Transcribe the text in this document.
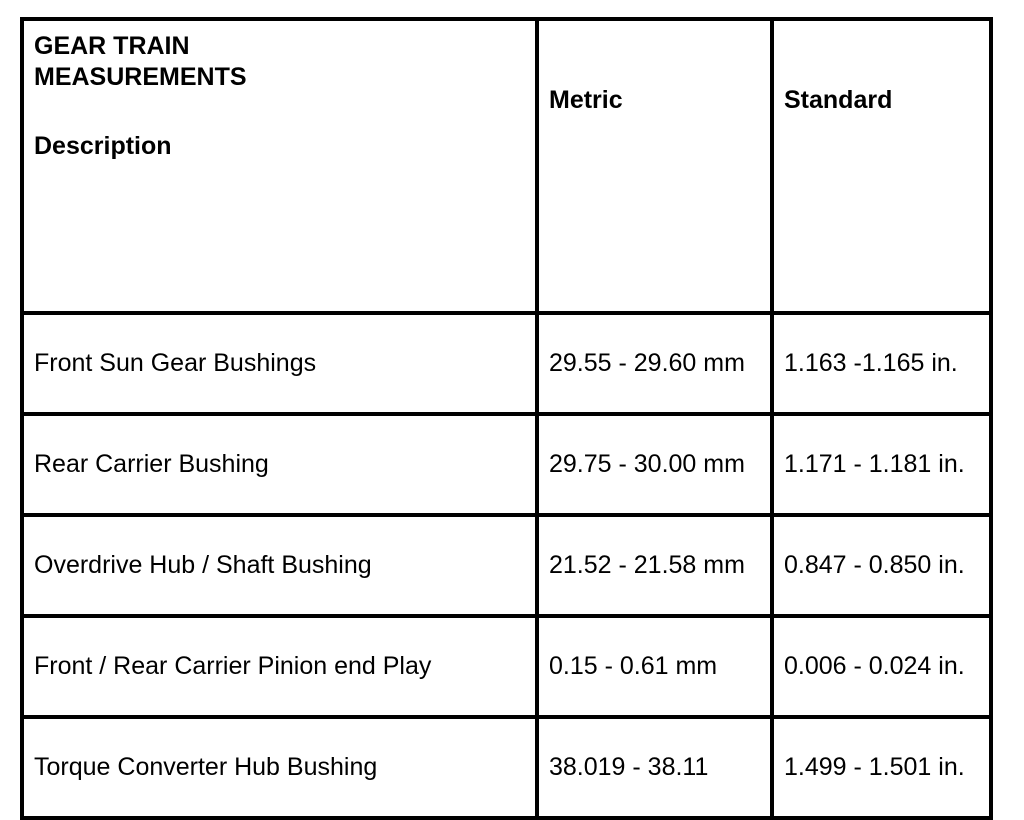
GEAR TRAIN MEASUREMENTS
Description	Metric	Standard
Front Sun Gear Bushings	29.55 - 29.60 mm	1.163 -1.165 in.
Rear Carrier Bushing	29.75 - 30.00 mm	1.171 - 1.181 in.
Overdrive Hub / Shaft Bushing	21.52 - 21.58 mm	0.847 - 0.850 in.
Front / Rear Carrier Pinion end Play	0.15 - 0.61 mm	0.006 - 0.024 in.
Torque Converter Hub Bushing	38.019 - 38.11	1.499 - 1.501 in.
